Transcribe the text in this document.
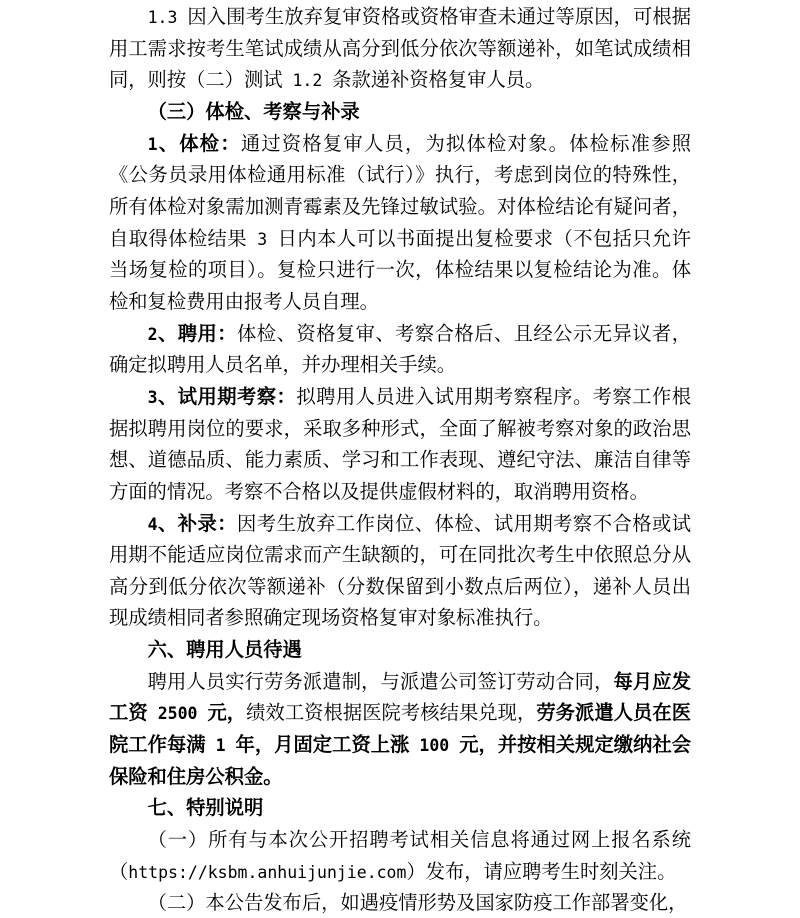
1.3 因入围考生放弃复审资格或资格审查未通过等原因，可根据用工需求按考生笔试成绩从高分到低分依次等额递补，如笔试成绩相同，则按（二）测试 1.2 条款递补资格复审人员。

（三）体检、考察与补录

1、体检：通过资格复审人员，为拟体检对象。体检标准参照《公务员录用体检通用标准（试行）》执行，考虑到岗位的特殊性，所有体检对象需加测青霉素及先锋过敏试验。对体检结论有疑问者，自取得体检结果 3 日内本人可以书面提出复检要求（不包括只允许当场复检的项目）。复检只进行一次，体检结果以复检结论为准。体检和复检费用由报考人员自理。

2、聘用：体检、资格复审、考察合格后、且经公示无异议者，确定拟聘用人员名单，并办理相关手续。

3、试用期考察：拟聘用人员进入试用期考察程序。考察工作根据拟聘用岗位的要求，采取多种形式，全面了解被考察对象的政治思想、道德品质、能力素质、学习和工作表现、遵纪守法、廉洁自律等方面的情况。考察不合格以及提供虚假材料的，取消聘用资格。

4、补录：因考生放弃工作岗位、体检、试用期考察不合格或试用期不能适应岗位需求而产生缺额的，可在同批次考生中依照总分从高分到低分依次等额递补（分数保留到小数点后两位），递补人员出现成绩相同者参照确定现场资格复审对象标准执行。

六、聘用人员待遇

聘用人员实行劳务派遣制，与派遣公司签订劳动合同，每月应发工资 2500 元，绩效工资根据医院考核结果兑现，劳务派遣人员在医院工作每满 1 年，月固定工资上涨 100 元，并按相关规定缴纳社会保险和住房公积金。

七、特别说明

（一）所有与本次公开招聘考试相关信息将通过网上报名系统（https://ksbm.anhuijunjie.com）发布，请应聘考生时刻关注。

（二）本公告发布后，如遇疫情形势及国家防疫工作部署变化，
